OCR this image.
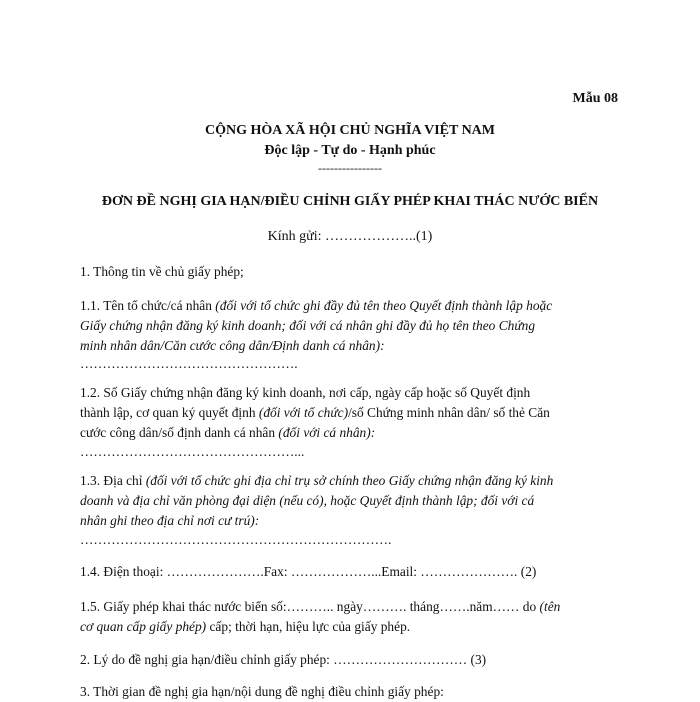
Mẫu 08
CỘNG HÒA XÃ HỘI CHỦ NGHĨA VIỆT NAM
Độc lập - Tự do - Hạnh phúc
----------------
ĐƠN ĐỀ NGHỊ GIA HẠN/ĐIỀU CHỈNH GIẤY PHÉP KHAI THÁC NƯỚC BIỂN
Kính gửi: ………………..(1)
1. Thông tin về chủ giấy phép;
1.1. Tên tổ chức/cá nhân (đối với tổ chức ghi đầy đủ tên theo Quyết định thành lập hoặc
Giấy chứng nhận đăng ký kinh doanh; đối với cá nhân ghi đầy đủ họ tên theo Chứng
minh nhân dân/Căn cước công dân/Định danh cá nhân):
………………………………………….
1.2. Số Giấy chứng nhận đăng ký kinh doanh, nơi cấp, ngày cấp hoặc số Quyết định
thành lập, cơ quan ký quyết định (đối với tổ chức)/số Chứng minh nhân dân/ số thẻ Căn
cước công dân/số định danh cá nhân (đối với cá nhân):
…………………………………………...
1.3. Địa chỉ (đối với tổ chức ghi địa chỉ trụ sở chính theo Giấy chứng nhận đăng ký kinh
doanh và địa chỉ văn phòng đại diện (nếu có), hoặc Quyết định thành lập; đối với cá
nhân ghi theo địa chỉ nơi cư trú):
…………………………………………………………….
1.4. Điện thoại: ………………….Fax: ………………...Email: …………………. (2)
1.5. Giấy phép khai thác nước biển số:……….. ngày………. tháng…….năm…… do (tên
cơ quan cấp giấy phép) cấp; thời hạn, hiệu lực của giấy phép.
2. Lý do đề nghị gia hạn/điều chỉnh giấy phép: ………………………… (3)
3. Thời gian đề nghị gia hạn/nội dung đề nghị điều chỉnh giấy phép:
